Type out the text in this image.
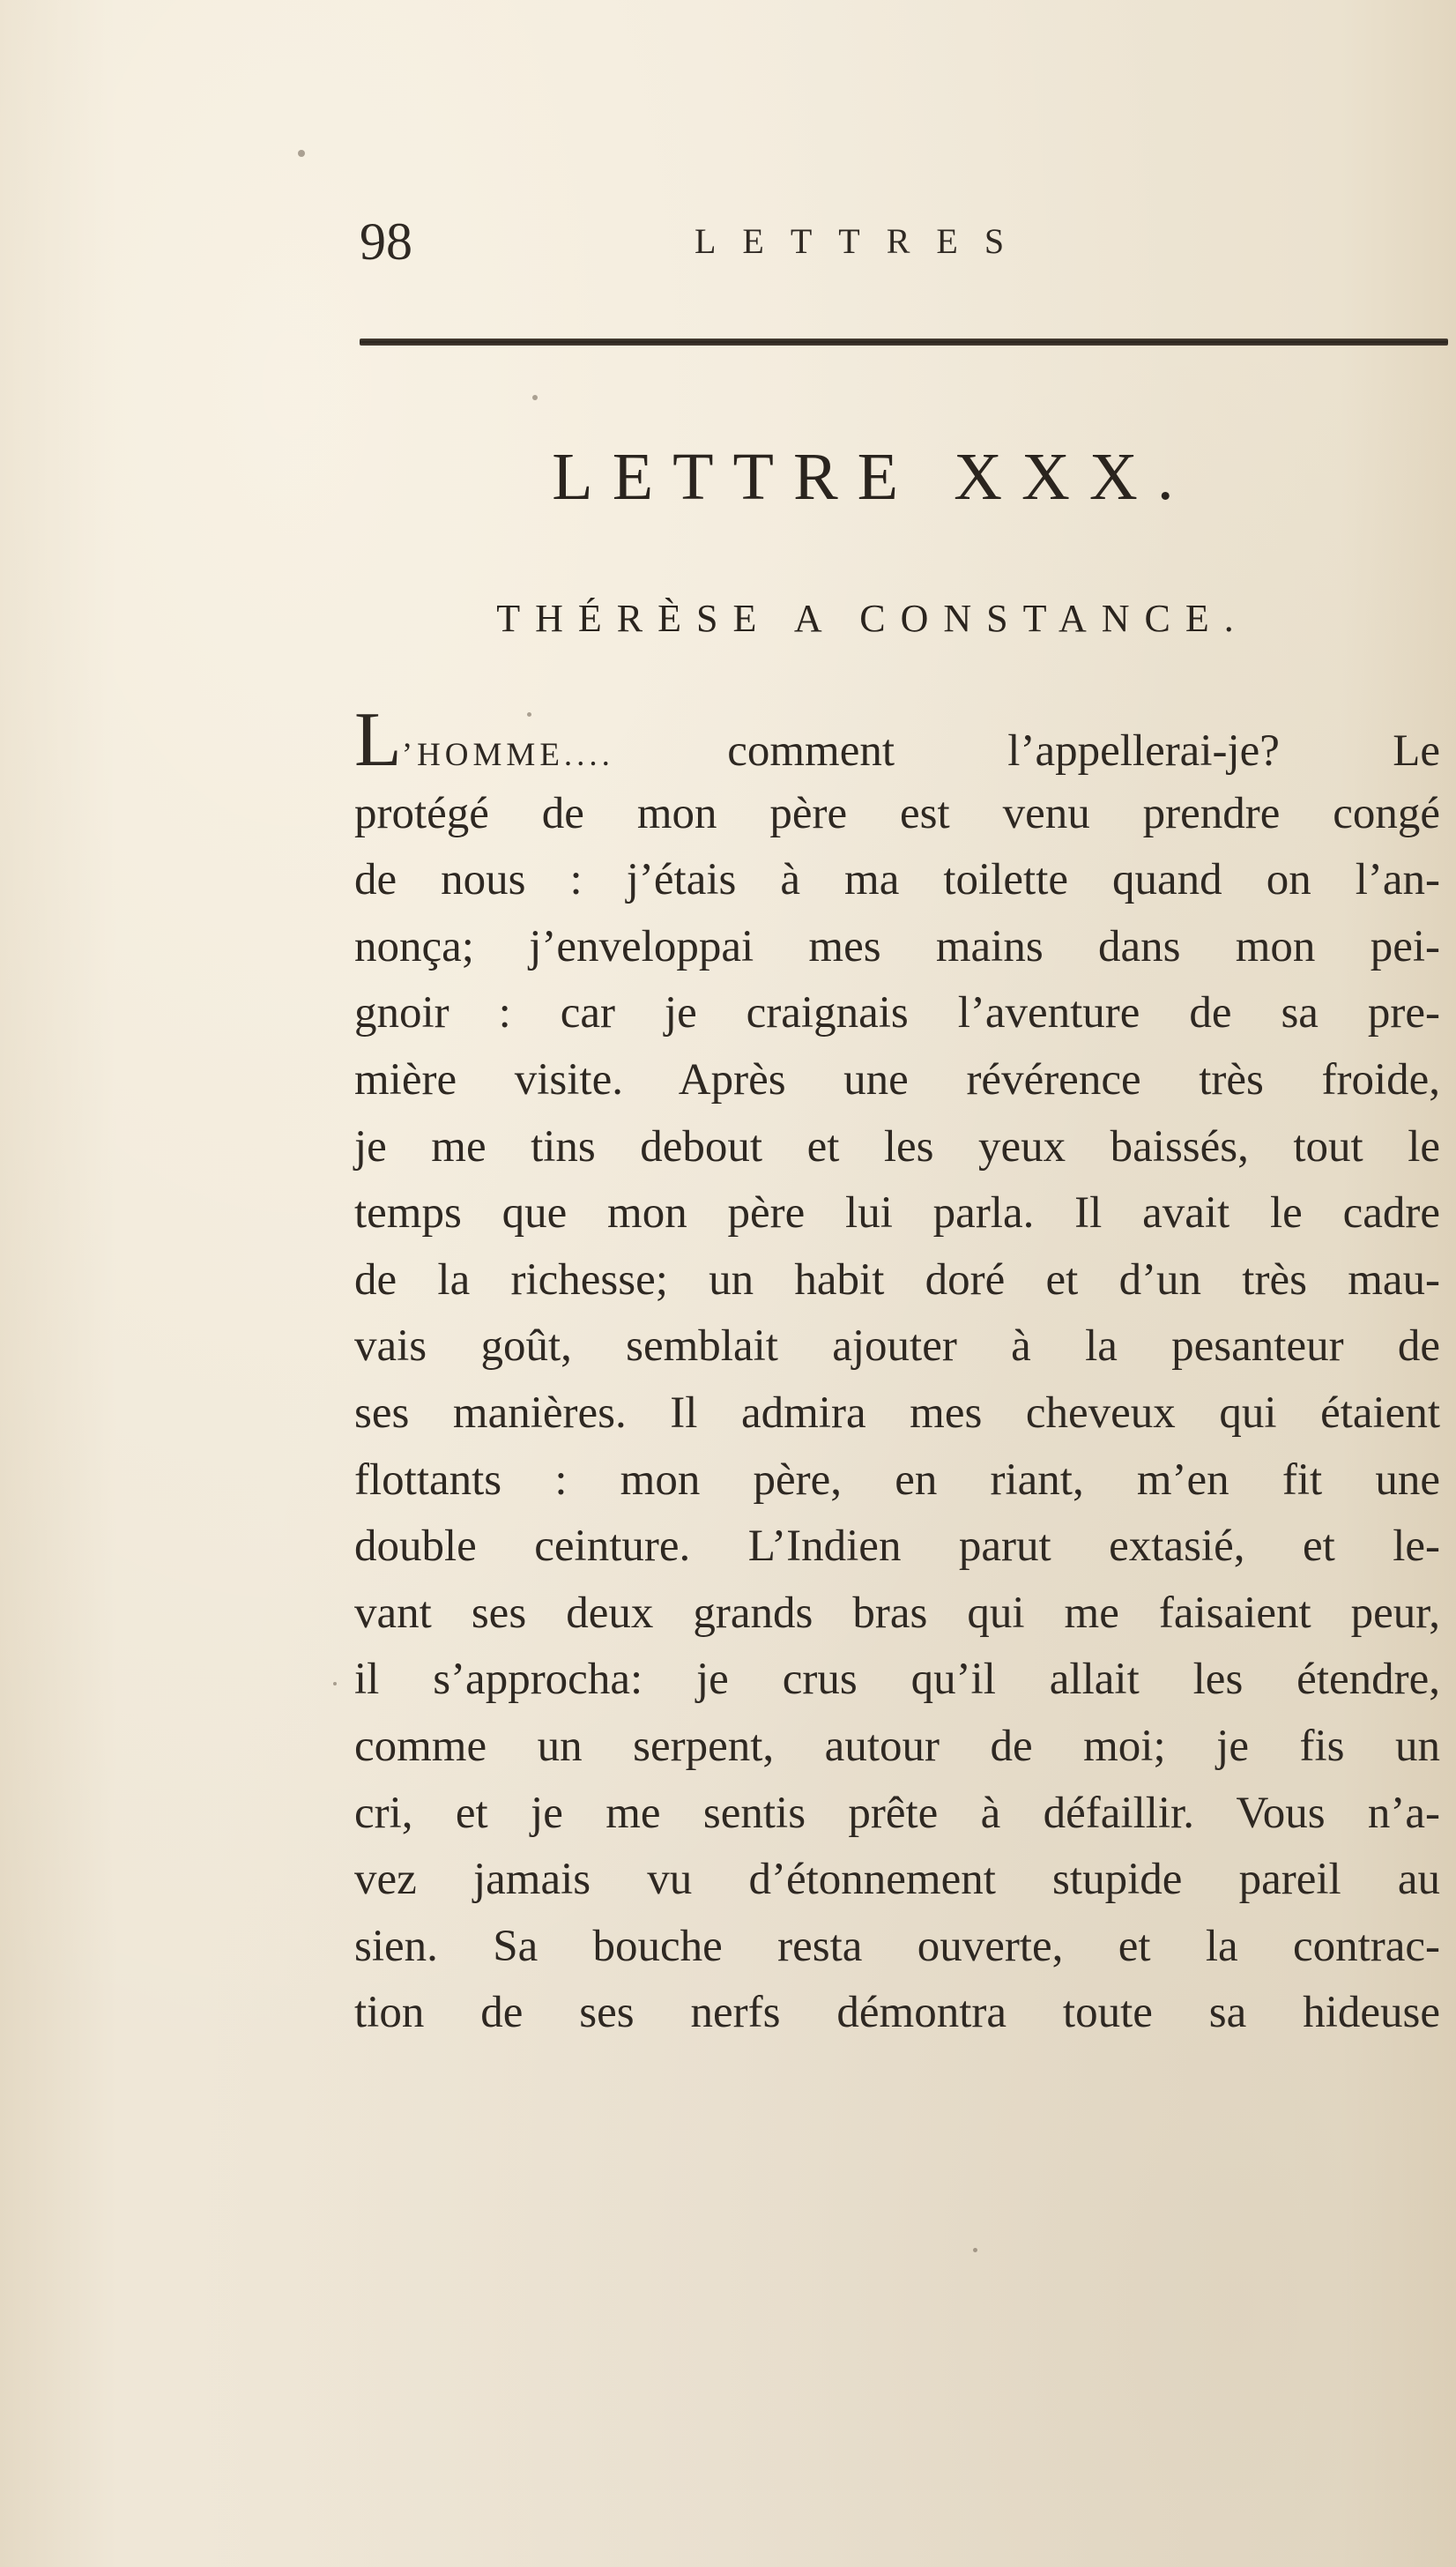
98	LETTRES
LETTRE XXX.
THÉRÈSE A CONSTANCE.
L’HOMME.... comment l’appellerai-je? Le
protégé de mon père est venu prendre congé
de nous : j’étais à ma toilette quand on l’an-
nonça; j’enveloppai mes mains dans mon pei-
gnoir : car je craignais l’aventure de sa pre-
mière visite. Après une révérence très froide,
je me tins debout et les yeux baissés, tout le
temps que mon père lui parla. Il avait le cadre
de la richesse; un habit doré et d’un très mau-
vais goût, semblait ajouter à la pesanteur de
ses manières. Il admira mes cheveux qui étaient
flottants : mon père, en riant, m’en fit une
double ceinture. L’Indien parut extasié, et le-
vant ses deux grands bras qui me faisaient peur,
il s’approcha: je crus qu’il allait les étendre,
comme un serpent, autour de moi; je fis un
cri, et je me sentis prête à défaillir. Vous n’a-
vez jamais vu d’étonnement stupide pareil au
sien. Sa bouche resta ouverte, et la contrac-
tion de ses nerfs démontra toute sa hideuse
